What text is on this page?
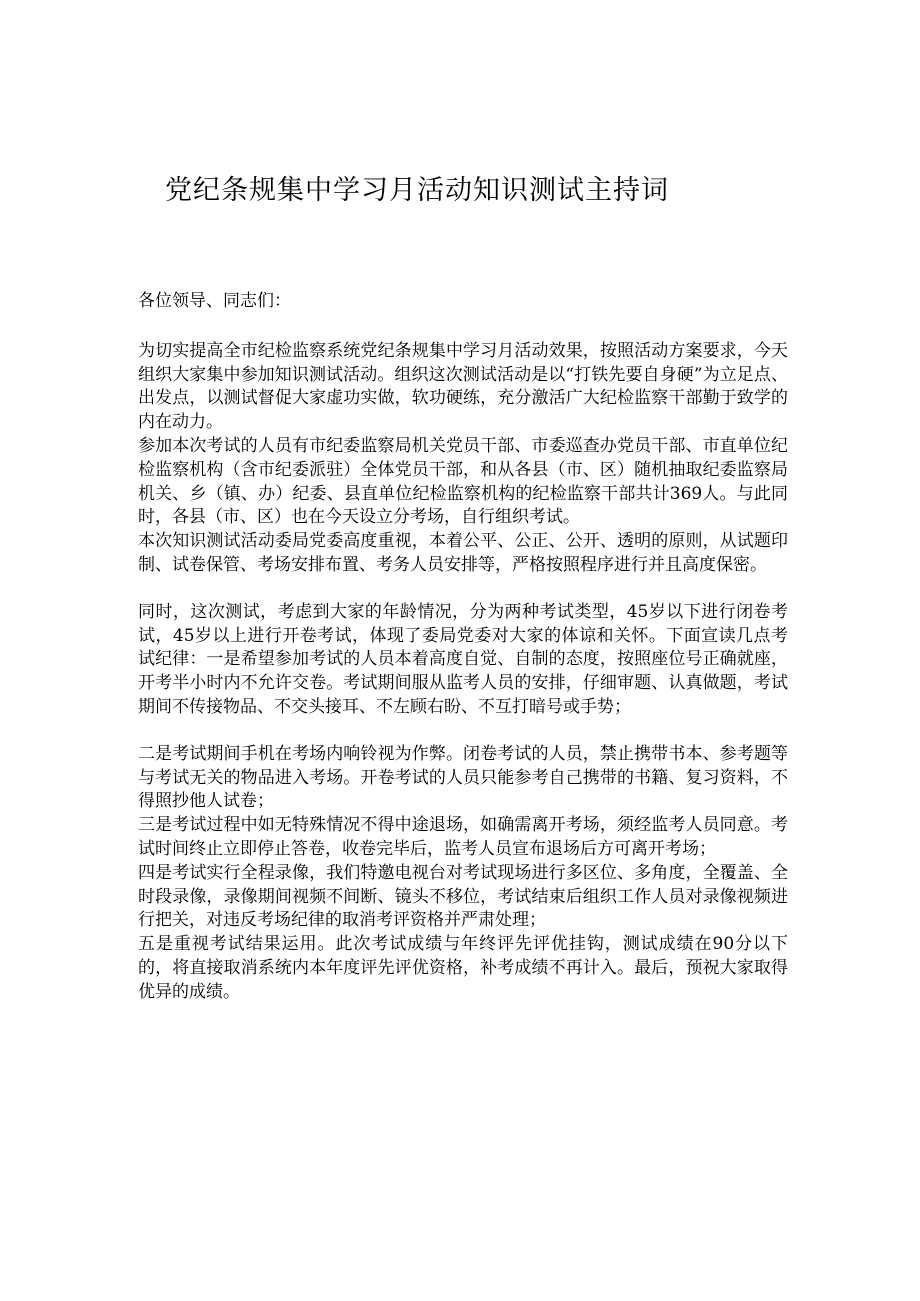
党纪条规集中学习月活动知识测试主持词

各位领导、同志们：

为切实提高全市纪检监察系统党纪条规集中学习月活动效果，按照活动方案要求，今天组织大家集中参加知识测试活动。组织这次测试活动是以“打铁先要自身硬”为立足点、出发点，以测试督促大家虚功实做，软功硬练，充分激活广大纪检监察干部勤于致学的内在动力。

参加本次考试的人员有市纪委监察局机关党员干部、市委巡查办党员干部、市直单位纪检监察机构（含市纪委派驻）全体党员干部，和从各县（市、区）随机抽取纪委监察局机关、乡（镇、办）纪委、县直单位纪检监察机构的纪检监察干部共计369人。与此同时，各县（市、区）也在今天设立分考场，自行组织考试。

本次知识测试活动委局党委高度重视，本着公平、公正、公开、透明的原则，从试题印制、试卷保管、考场安排布置、考务人员安排等，严格按照程序进行并且高度保密。

同时，这次测试，考虑到大家的年龄情况，分为两种考试类型，45岁以下进行闭卷考试，45岁以上进行开卷考试，体现了委局党委对大家的体谅和关怀。下面宣读几点考试纪律：一是希望参加考试的人员本着高度自觉、自制的态度，按照座位号正确就座，开考半小时内不允许交卷。考试期间服从监考人员的安排，仔细审题、认真做题，考试期间不传接物品、不交头接耳、不左顾右盼、不互打暗号或手势；

二是考试期间手机在考场内响铃视为作弊。闭卷考试的人员，禁止携带书本、参考题等与考试无关的物品进入考场。开卷考试的人员只能参考自己携带的书籍、复习资料，不得照抄他人试卷；

三是考试过程中如无特殊情况不得中途退场，如确需离开考场，须经监考人员同意。考试时间终止立即停止答卷，收卷完毕后，监考人员宣布退场后方可离开考场；

四是考试实行全程录像，我们特邀电视台对考试现场进行多区位、多角度，全覆盖、全时段录像，录像期间视频不间断、镜头不移位，考试结束后组织工作人员对录像视频进行把关，对违反考场纪律的取消考评资格并严肃处理；

五是重视考试结果运用。此次考试成绩与年终评先评优挂钩，测试成绩在90分以下的，将直接取消系统内本年度评先评优资格，补考成绩不再计入。最后，预祝大家取得优异的成绩。
